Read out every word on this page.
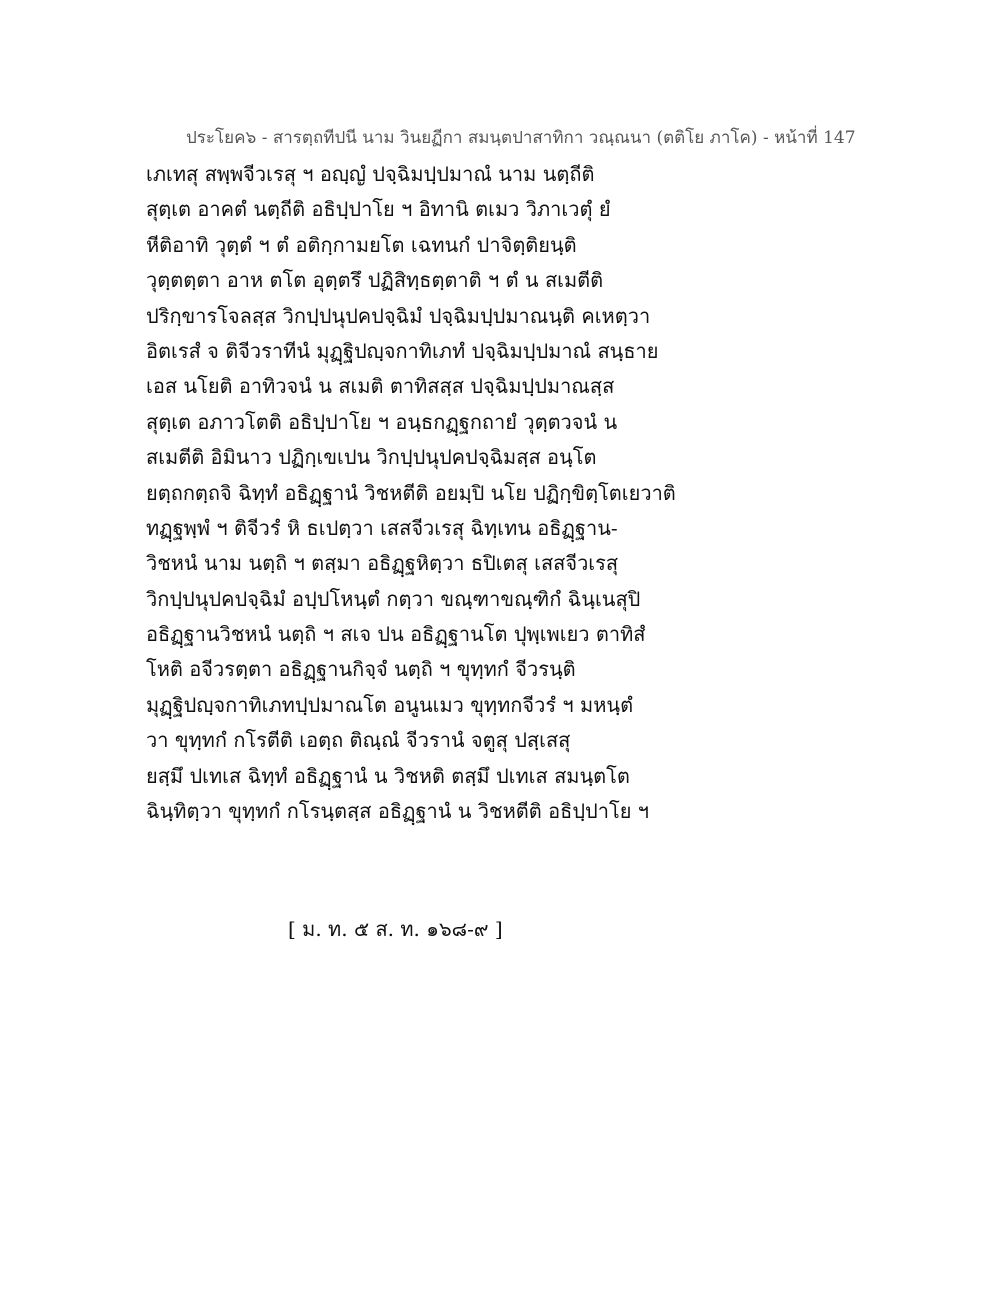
ประโยค๖ - สารตฺถทีปนี นาม วินยฏีกา สมนฺตปาสาทิกา วณฺณนา (ตติโย ภาโค) - หน้าที่ 147
เภเทสุ สพฺพจีวเรสุ ฯ อญฺญํ ปจฺฉิมปฺปมาณํ นาม นตฺถีติ
สุตฺเต อาคตํ นตฺถีติ อธิปฺปาโย ฯ อิทานิ ตเมว วิภาเวตุํ ยํ
หีติอาทิ วุตฺตํ ฯ ตํ อติกฺกามยโต เฉทนกํ ปาจิตฺติยนฺติ
วุตฺตตฺตา อาห ตโต อุตฺตรึ ปฏิสิทฺธตฺตาติ ฯ ตํ น สเมตีติ
ปริกฺขารโจลสฺส วิกปฺปนุปคปจฺฉิมํ ปจฺฉิมปฺปมาณนฺติ คเหตฺวา
อิตเรสํ จ ติจีวราทีนํ มุฏฺฐิปญฺจกาทิเภทํ ปจฺฉิมปฺปมาณํ สนฺธาย
เอส นโยติ อาทิวจนํ น สเมติ ตาทิสสฺส ปจฺฉิมปฺปมาณสฺส
สุตฺเต อภาวโตติ อธิปฺปาโย ฯ อนฺธกฏฺฐกถายํ วุตฺตวจนํ น
สเมตีติ อิมินาว ปฏิกฺเขเปน วิกปฺปนุปคปจฺฉิมสฺส อนฺโต
ยตฺถกตฺถจิ ฉิทฺทํ อธิฏฺฐานํ วิชหตีติ อยมฺปิ นโย ปฏิกฺขิตฺโตเยวาติ
ทฏฺฐพฺพํ ฯ ติจีวรํ หิ ธเปตฺวา เสสจีวเรสุ ฉิทฺเทน อธิฏฺฐาน-
วิชหนํ นาม นตฺถิ ฯ ตสฺมา อธิฏฺฐหิตฺวา ธปิเตสุ เสสจีวเรสุ
วิกปฺปนุปคปจฺฉิมํ อปฺปโหนฺตํ กตฺวา ขณฺฑาขณฺฑิกํ ฉินฺเนสุปิ
อธิฏฺฐานวิชหนํ นตฺถิ ฯ สเจ ปน อธิฏฺฐานโต ปุพฺเพเยว ตาทิสํ
โหติ อจีวรตฺตา อธิฏฺฐานกิจฺจํ นตฺถิ ฯ ขุทฺทกํ จีวรนฺติ
มุฏฺฐิปญฺจกาทิเภทปฺปมาณโต อนูนเมว ขุทฺทกจีวรํ ฯ มหนฺตํ
วา ขุทฺทกํ กโรตีติ เอตฺถ ติณฺณํ จีวรานํ จตูสุ ปสฺเสสุ
ยสฺมึ ปเทเส ฉิทฺทํ อธิฏฺฐานํ น วิชหติ ตสฺมึ ปเทเส สมนฺตโต
ฉินฺทิตฺวา ขุทฺทกํ กโรนฺตสฺส อธิฏฺฐานํ น วิชหตีติ อธิปฺปาโย ฯ
[ ม. ท. ๕ ส. ท. ๑๖๘-๙ ]
